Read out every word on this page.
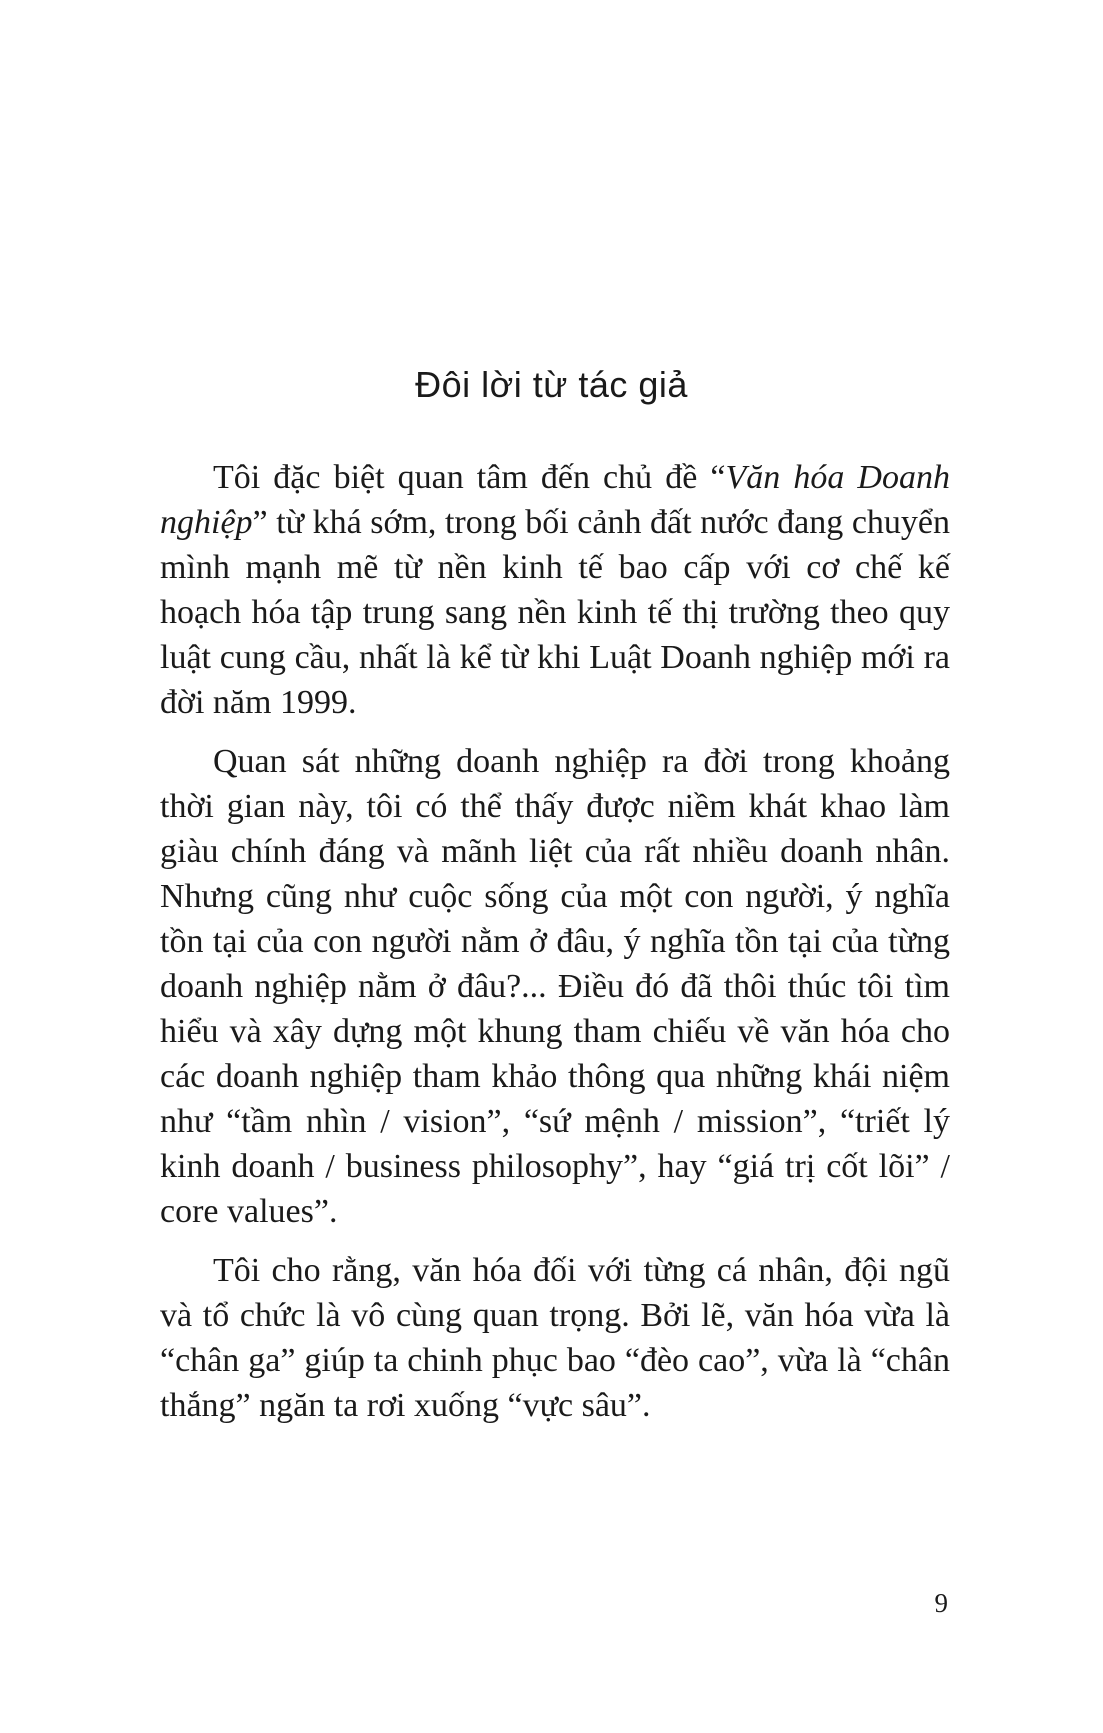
Đôi lời từ tác giả

Tôi đặc biệt quan tâm đến chủ đề “Văn hóa Doanh nghiệp” từ khá sớm, trong bối cảnh đất nước đang chuyển mình mạnh mẽ từ nền kinh tế bao cấp với cơ chế kế hoạch hóa tập trung sang nền kinh tế thị trường theo quy luật cung cầu, nhất là kể từ khi Luật Doanh nghiệp mới ra đời năm 1999.

Quan sát những doanh nghiệp ra đời trong khoảng thời gian này, tôi có thể thấy được niềm khát khao làm giàu chính đáng và mãnh liệt của rất nhiều doanh nhân. Nhưng cũng như cuộc sống của một con người, ý nghĩa tồn tại của con người nằm ở đâu, ý nghĩa tồn tại của từng doanh nghiệp nằm ở đâu?... Điều đó đã thôi thúc tôi tìm hiểu và xây dựng một khung tham chiếu về văn hóa cho các doanh nghiệp tham khảo thông qua những khái niệm như “tầm nhìn / vision”, “sứ mệnh / mission”, “triết lý kinh doanh / business philosophy”, hay “giá trị cốt lõi” / core values”.

Tôi cho rằng, văn hóa đối với từng cá nhân, đội ngũ và tổ chức là vô cùng quan trọng. Bởi lẽ, văn hóa vừa là “chân ga” giúp ta chinh phục bao “đèo cao”, vừa là “chân thắng” ngăn ta rơi xuống “vực sâu”.

9
